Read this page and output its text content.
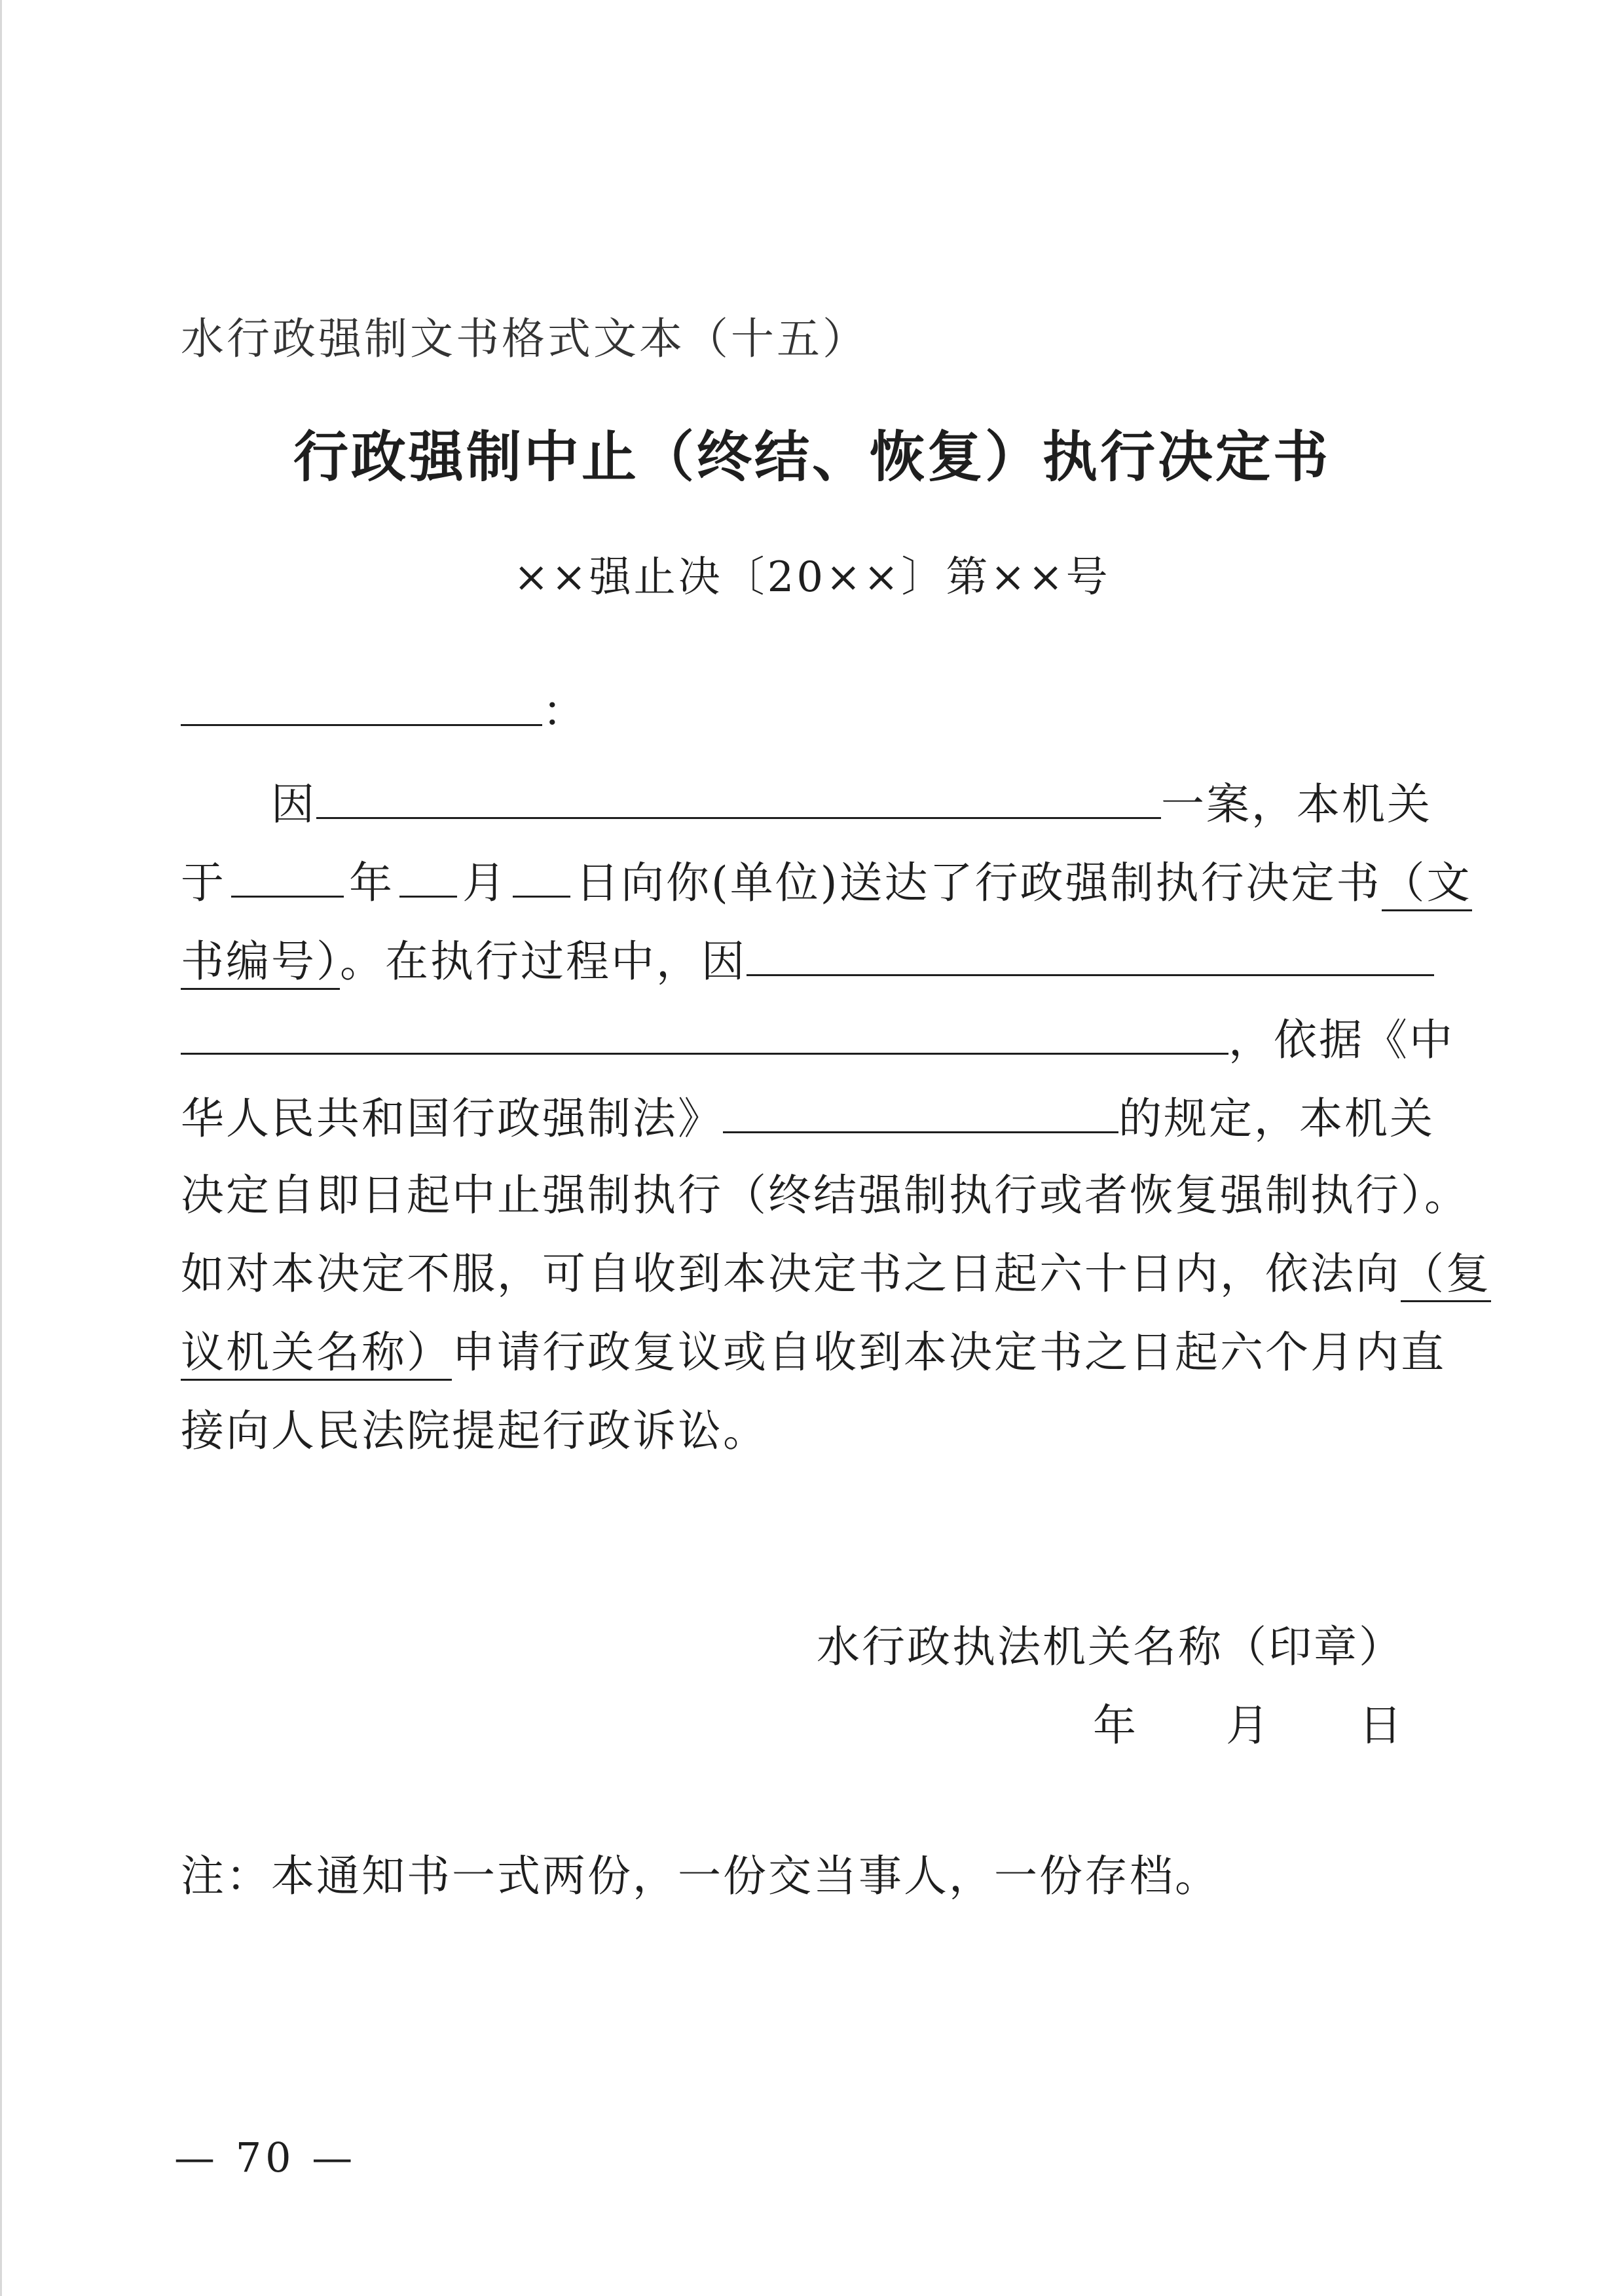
水行政强制文书格式文本（十五）
行政强制中止（终结、恢复）执行决定书
××强止决〔20××〕第××号
：
因	一案，本机关
于	年 月 日向你(单位)送达了行政强制执行决定书（文
书编号）。在执行过程中，因
，依据《中
华人民共和国行政强制法》	的规定，本机关
决定自即日起中止强制执行（终结强制执行或者恢复强制执行）。
如对本决定不服，可自收到本决定书之日起六十日内，依法向（复
议机关名称）申请行政复议或自收到本决定书之日起六个月内直
接向人民法院提起行政诉讼。
水行政执法机关名称（印章）
年 月 日
注：本通知书一式两份，一份交当事人，一份存档。
— 70 —
